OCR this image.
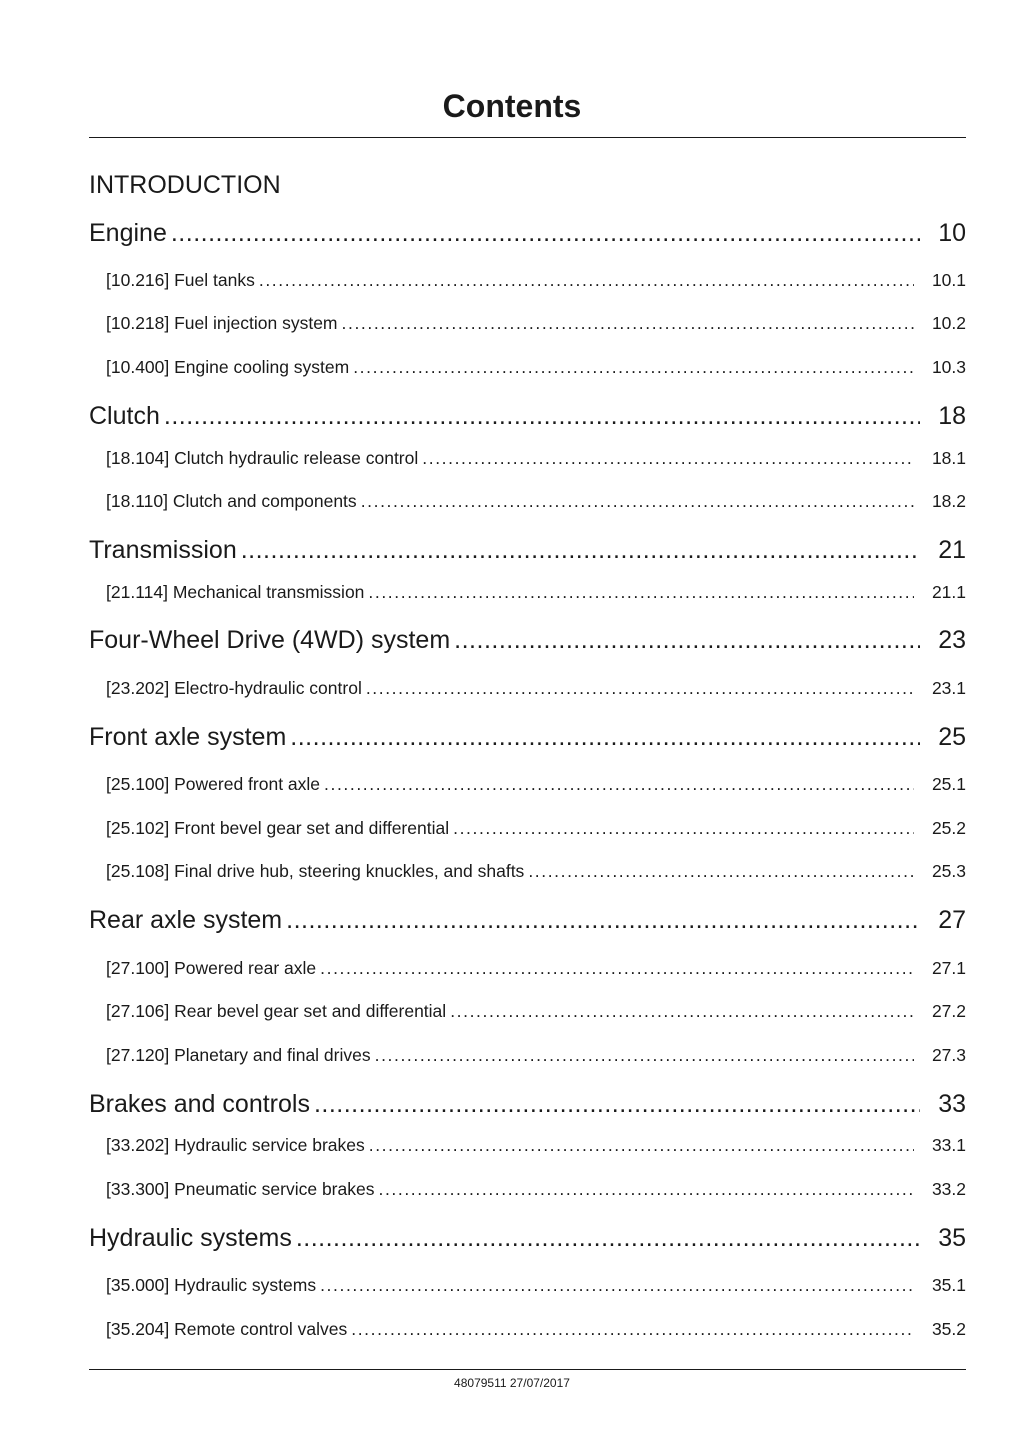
Contents
INTRODUCTION
Engine .....	10
[10.216] Fuel tanks .....	10.1
[10.218] Fuel injection system .....	10.2
[10.400] Engine cooling system .....	10.3
Clutch .....	18
[18.104] Clutch hydraulic release control .....	18.1
[18.110] Clutch and components .....	18.2
Transmission .....	21
[21.114] Mechanical transmission .....	21.1
Four-Wheel Drive (4WD) system .....	23
[23.202] Electro-hydraulic control .....	23.1
Front axle system .....	25
[25.100] Powered front axle .....	25.1
[25.102] Front bevel gear set and differential .....	25.2
[25.108] Final drive hub, steering knuckles, and shafts .....	25.3
Rear axle system .....	27
[27.100] Powered rear axle .....	27.1
[27.106] Rear bevel gear set and differential .....	27.2
[27.120] Planetary and final drives .....	27.3
Brakes and controls .....	33
[33.202] Hydraulic service brakes .....	33.1
[33.300] Pneumatic service brakes .....	33.2
Hydraulic systems .....	35
[35.000] Hydraulic systems .....	35.1
[35.204] Remote control valves .....	35.2
48079511 27/07/2017
